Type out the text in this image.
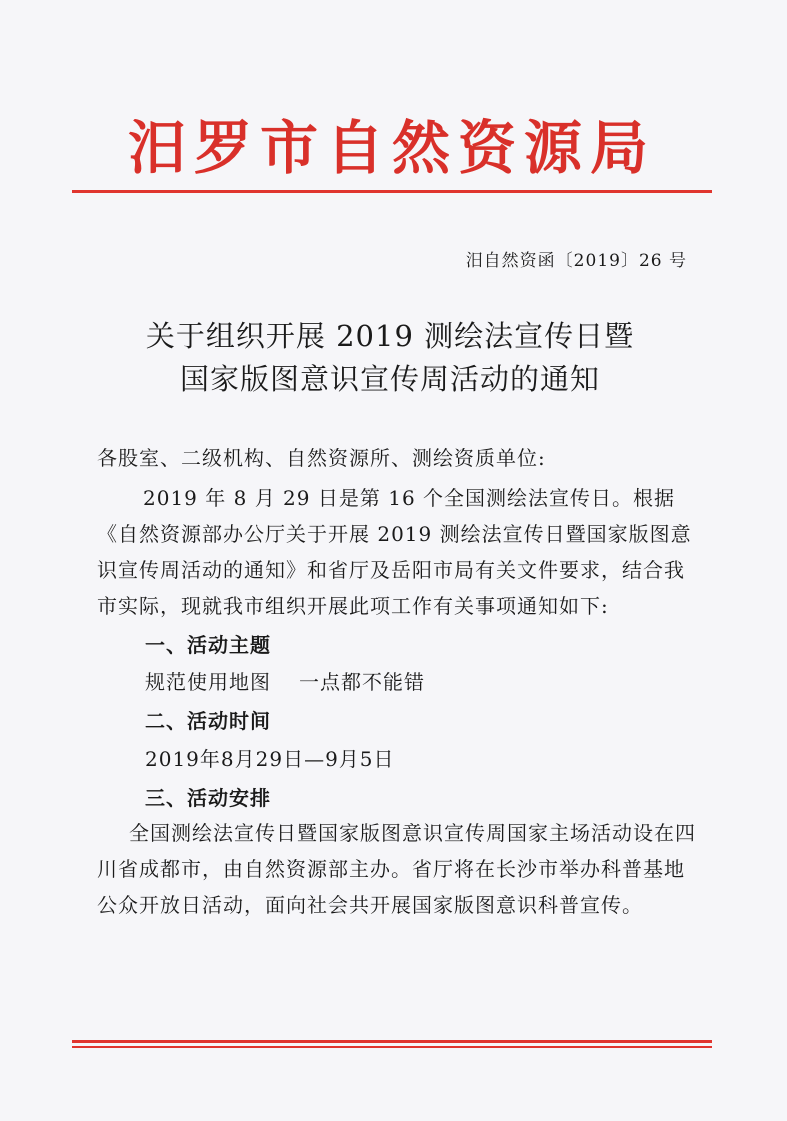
汨罗市自然资源局
汨自然资函〔2019〕26 号
关于组织开展 2019 测绘法宣传日暨
国家版图意识宣传周活动的通知
各股室、二级机构、自然资源所、测绘资质单位:
2019 年 8 月 29 日是第 16 个全国测绘法宣传日。根据《自然资源部办公厅关于开展 2019 测绘法宣传日暨国家版图意识宣传周活动的通知》和省厅及岳阳市局有关文件要求，结合我市实际，现就我市组织开展此项工作有关事项通知如下:
一、活动主题
规范使用地图 一点都不能错
二、活动时间
2019年8月29日—9月5日
三、活动安排
全国测绘法宣传日暨国家版图意识宣传周国家主场活动设在四川省成都市，由自然资源部主办。省厅将在长沙市举办科普基地公众开放日活动，面向社会共开展国家版图意识科普宣传。
